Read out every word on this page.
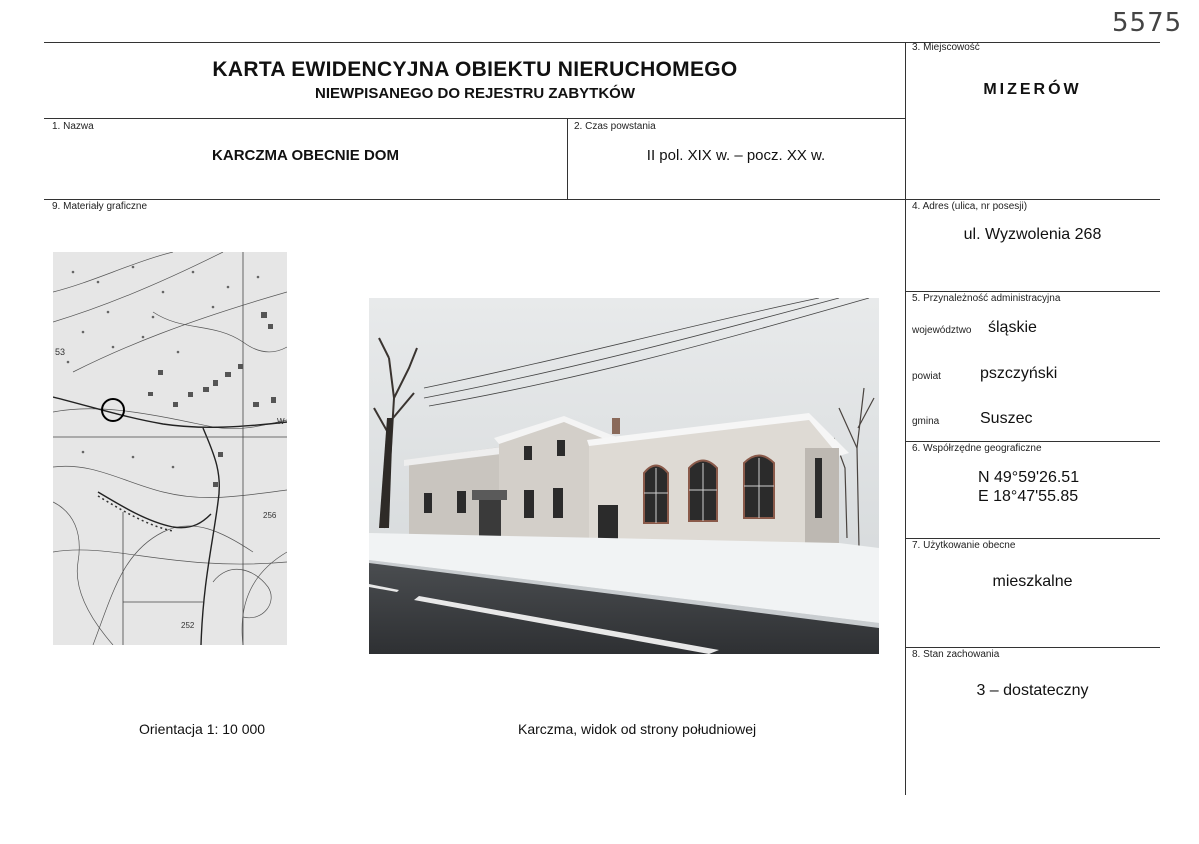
5575
KARTA EWIDENCYJNA OBIEKTU NIERUCHOMEGO
NIEWPISANEGO DO REJESTRU ZABYTKÓW
1. Nazwa
KARCZMA OBECNIE DOM
2. Czas powstania
II pol. XIX w. – pocz. XX w.
3. Miejscowość
MIZERÓW
4. Adres (ulica, nr posesji)
ul. Wyzwolenia 268
5. Przynależność administracyjna
województwo śląskie
powiat pszczyński
gmina	Suszec
6. Współrzędne geograficzne
N 49°59'26.51
E 18°47'55.85
7. Użytkowanie obecne
mieszkalne
8. Stan zachowania
3 – dostateczny
9. Materiały graficzne
53
W
256
252
Orientacja 1: 10 000	Karczma, widok od strony południowej
